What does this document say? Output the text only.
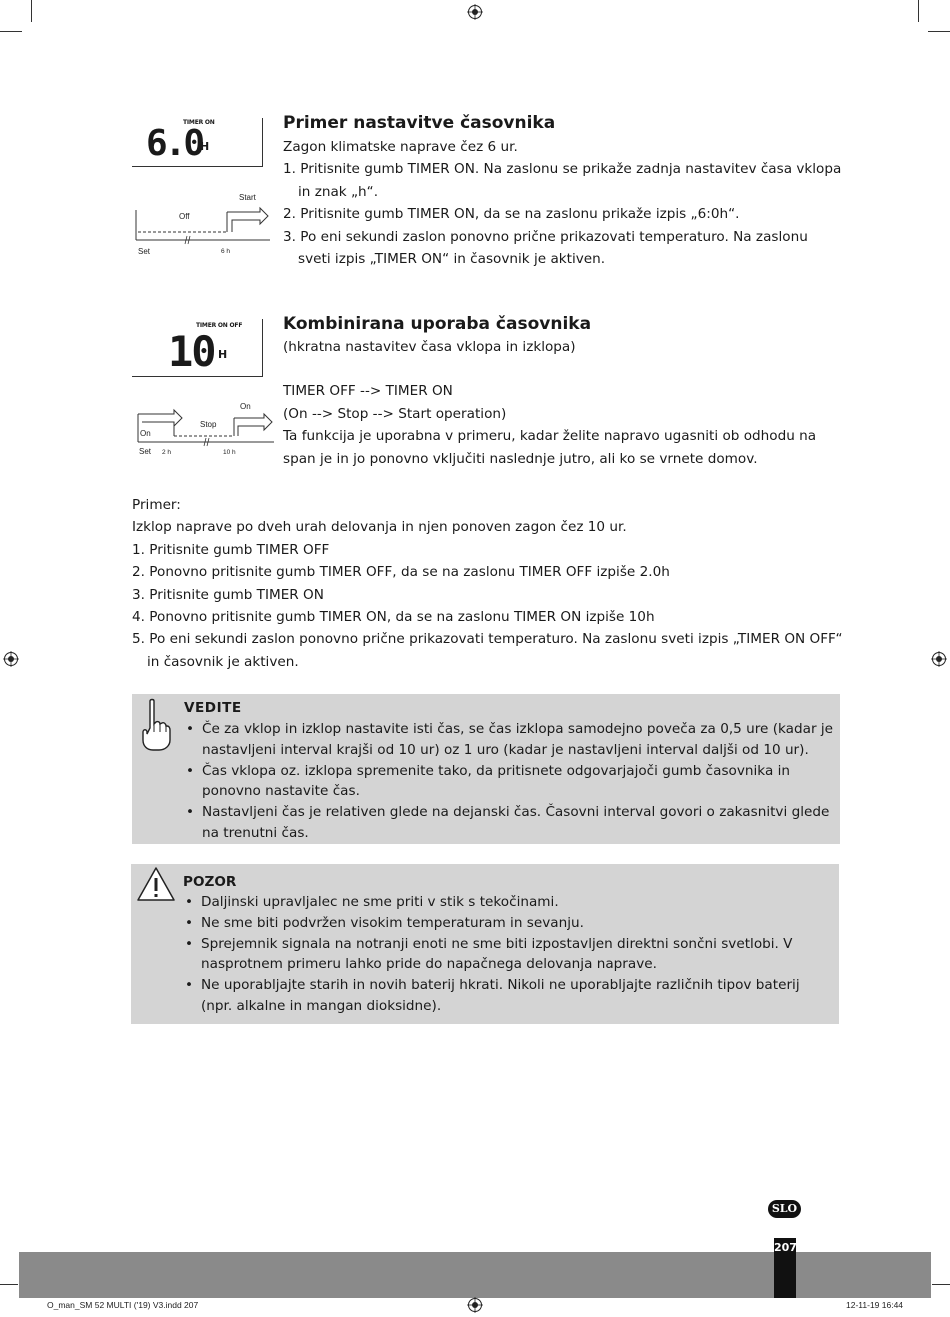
TIMER ON
6.0
H
Start
Off
Set	6 h
Primer nastavitve časovnika

Zagon klimatske naprave čez 6 ur.

1. Pritisnite gumb TIMER ON. Na zaslonu se prikaže zadnja nastavitev časa vklopa in znak „h“.

2. Pritisnite gumb TIMER ON, da se na zaslonu prikaže izpis „6:0h“.

3. Po eni sekundi zaslon ponovno prične prikazovati temperaturo. Na zaslonu sveti izpis „TIMER ON“ in časovnik je aktiven.

TIMER ON OFF
10 H
On
On
Stop
Set 2 h	10 h
Kombinirana uporaba časovnika

(hkratna nastavitev časa vklopa in izklopa)

TIMER OFF --> TIMER ON

(On --> Stop --> Start operation)

Ta funkcija je uporabna v primeru, kadar želite napravo ugasniti ob odhodu na span je in jo ponovno vključiti naslednje jutro, ali ko se vrnete domov.

Primer:

Izklop naprave po dveh urah delovanja in njen ponoven zagon čez 10 ur.

1. Pritisnite gumb TIMER OFF

2. Ponovno pritisnite gumb TIMER OFF, da se na zaslonu TIMER OFF izpiše 2.0h

3. Pritisnite gumb TIMER ON

4. Ponovno pritisnite gumb TIMER ON, da se na zaslonu TIMER ON izpiše 10h

5. Po eni sekundi zaslon ponovno prične prikazovati temperaturo. Na zaslonu sveti izpis „TIMER ON OFF“ in časovnik je aktiven.

VEDITE
• Če za vklop in izklop nastavite isti čas, se čas izklopa samodejno poveča za 0,5 ure (kadar je nastavljeni interval krajši od 10 ur) oz 1 uro (kadar je nastavljeni interval daljši od 10 ur).
• Čas vklopa oz. izklopa spremenite tako, da pritisnete odgovarjajoči gumb časovnika in ponovno nastavite čas.
• Nastavljeni čas je relativen glede na dejanski čas. Časovni interval govori o zakasnitvi glede na trenutni čas.
POZOR
• Daljinski upravljalec ne sme priti v stik s tekočinami.
• Ne sme biti podvržen visokim temperaturam in sevanju.
• Sprejemnik signala na notranji enoti ne sme biti izpostavljen direktni sončni svetlobi. V nasprotnem primeru lahko pride do napačnega delovanja naprave.
• Ne uporabljajte starih in novih baterij hkrati. Nikoli ne uporabljajte različnih tipov baterij (npr. alkalne in mangan dioksidne).
SLO
207
O_man_SM 52 MULTI ('19) V3.indd 207	12-11-19 16:44
